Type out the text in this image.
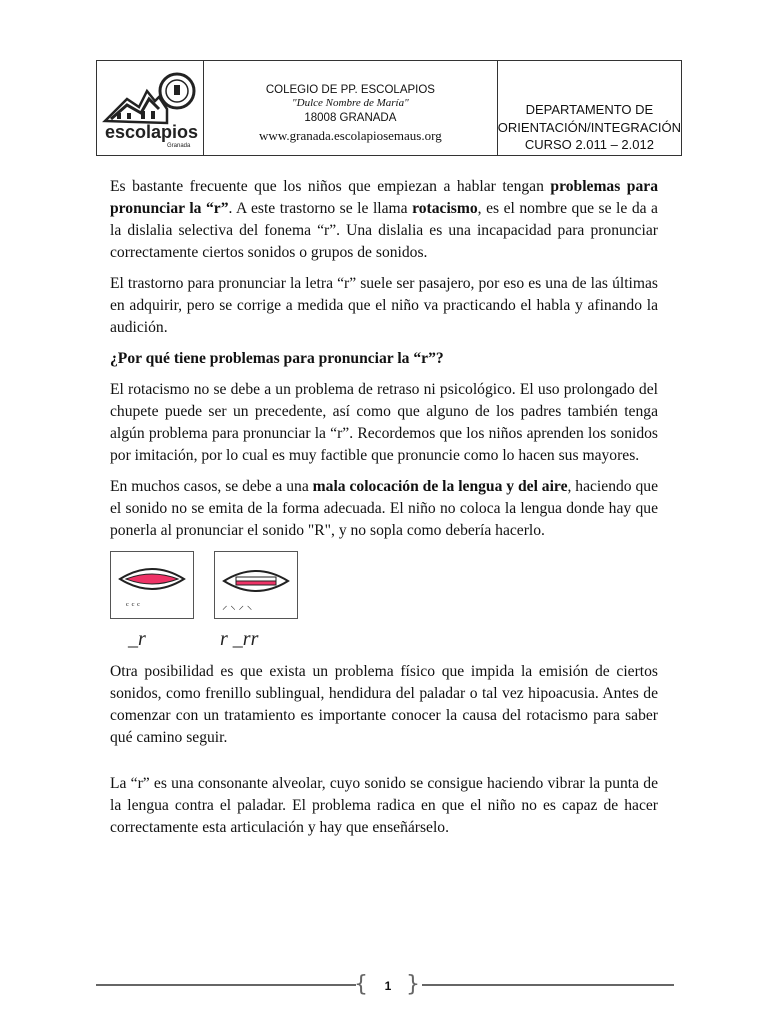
escolapios
Granada
COLEGIO DE PP. ESCOLAPIOS
"Dulce Nombre de María"
18008 GRANADA
www.granada.escolapiosemaus.org
DEPARTAMENTO DE
ORIENTACIÓN/INTEGRACIÓN
CURSO 2.011 – 2.012

Es bastante frecuente que los niños que empiezan a hablar tengan problemas para pronunciar la “r”. A este trastorno se le llama rotacismo, es el nombre que se le da a la dislalia selectiva del fonema “r”. Una dislalia es una incapacidad para pronunciar correctamente ciertos sonidos o grupos de sonidos.

El trastorno para pronunciar la letra “r” suele ser pasajero, por eso es una de las últimas en adquirir, pero se corrige a medida que el niño va practicando el habla y afinando la audición.

¿Por qué tiene problemas para pronunciar la “r”?

El rotacismo no se debe a un problema de retraso ni psicológico. El uso prolongado del chupete puede ser un precedente, así como que alguno de los padres también tenga algún problema para pronunciar la “r”. Recordemos que los niños aprenden los sonidos por imitación, por lo cual es muy factible que pronuncie como lo hacen sus mayores.

En muchos casos, se debe a una mala colocación de la lengua y del aire, haciendo que el sonido no se emita de la forma adecuada. El niño no coloca la lengua donde hay que ponerla al pronunciar el sonido "R", y no sopla como debería hacerlo.

ᶜ ᶜ ᶜ
_r
⸝ ⸜ ⸝ ⸜
r _rr

Otra posibilidad es que exista un problema físico que impida la emisión de ciertos sonidos, como frenillo sublingual, hendidura del paladar o tal vez hipoacusia. Antes de comenzar con un tratamiento es importante conocer la causa del rotacismo para saber qué camino seguir.

La “r” es una consonante alveolar, cuyo sonido se consigue haciendo vibrar la punta de la lengua contra el paladar. El problema radica en que el niño no es capaz de hacer correctamente esta articulación y hay que enseñárselo.

{	1 }
